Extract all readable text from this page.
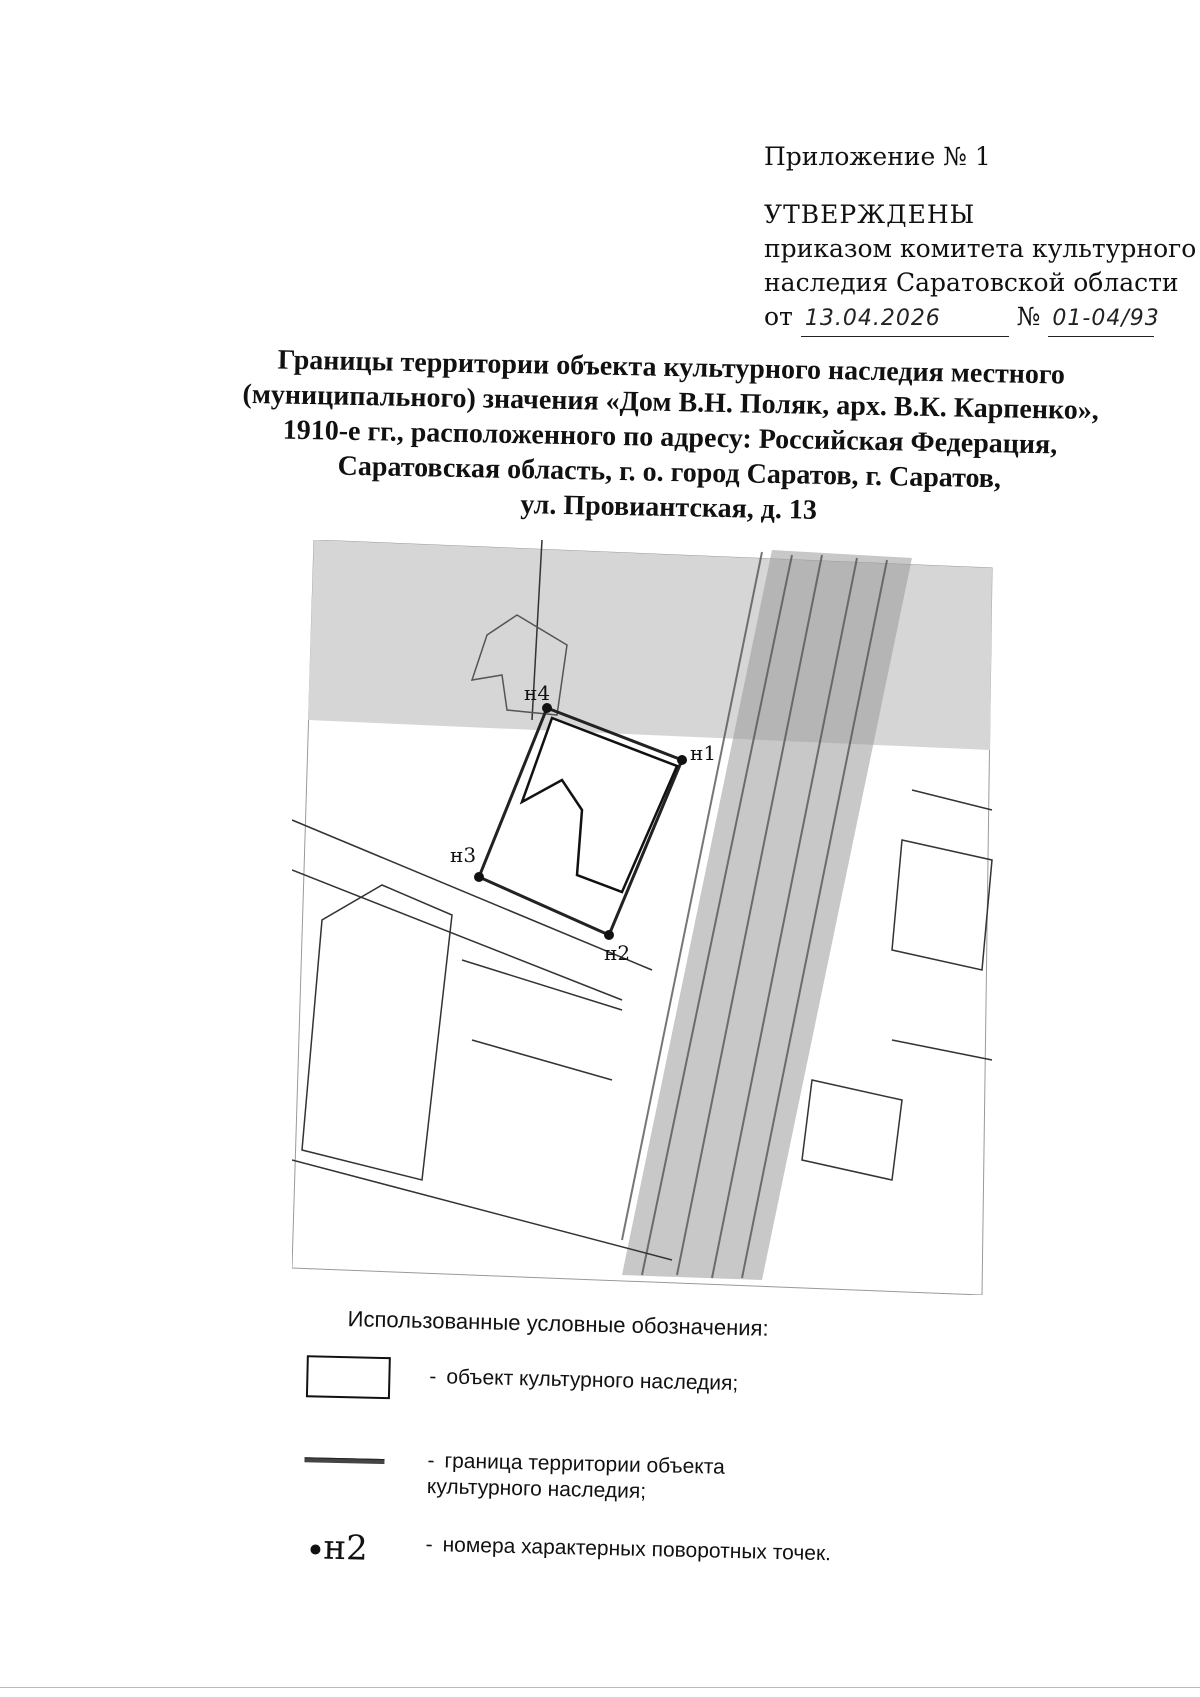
Приложение № 1
УТВЕРЖДЕНЫ
приказом комитета культурного
наследия Саратовской области
от 13.04.2026	№ 01-04/93
Границы территории объекта культурного наследия местного
(муниципального) значения «Дом В.Н. Поляк, арх. В.К. Карпенко»,
1910-е гг., расположенного по адресу: Российская Федерация,
Саратовская область, г. о. город Саратов, г. Саратов,
ул. Провиантская, д. 13
н1
н2
н3
н4
Использованные условные обозначения:
- объект культурного наследия;
- граница территории объекта культурного наследия;
н2	- номера характерных поворотных точек.
